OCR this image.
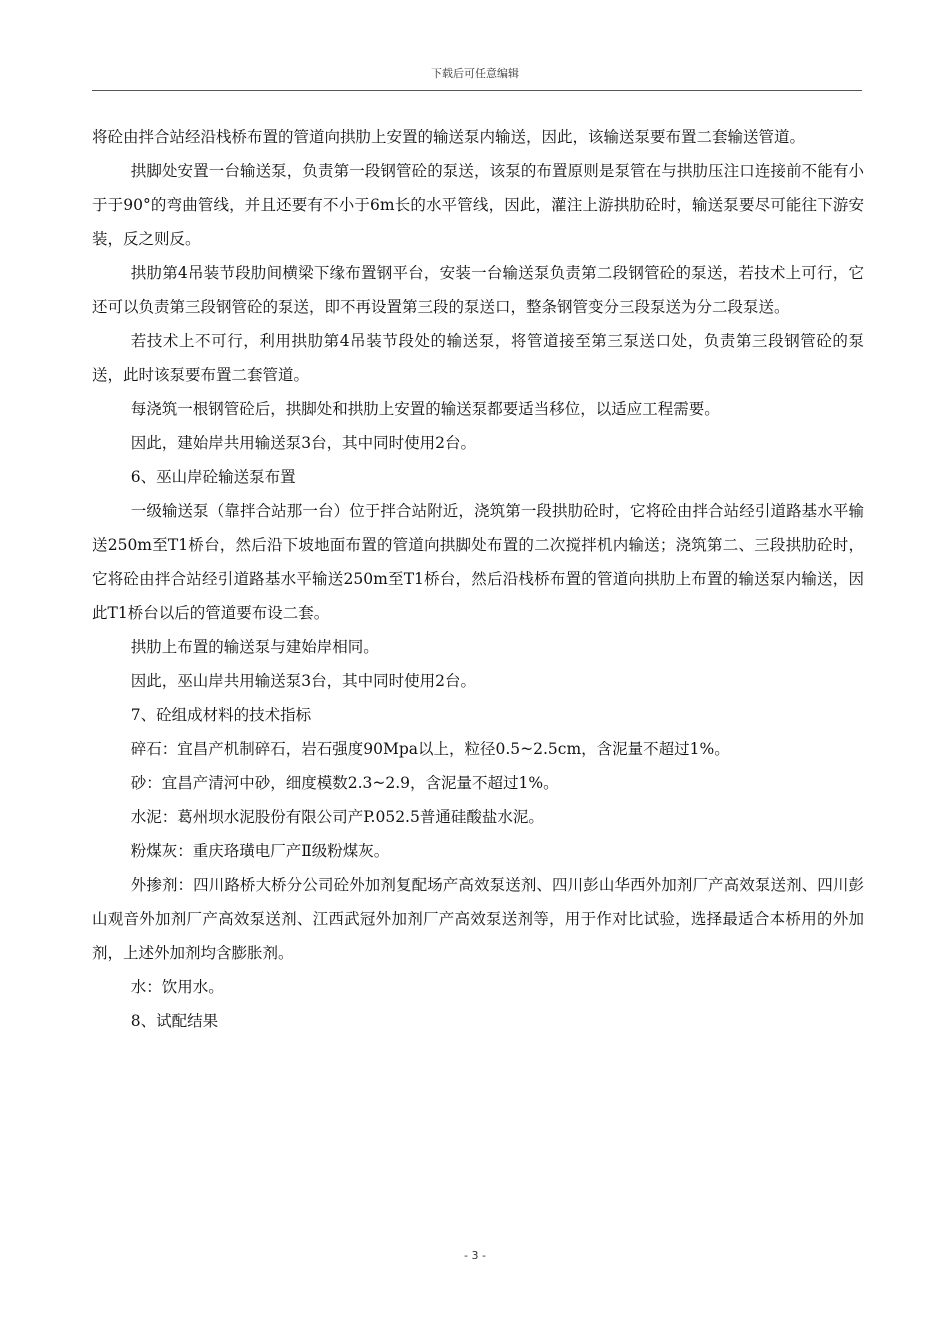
下载后可任意编辑

将砼由拌合站经沿栈桥布置的管道向拱肋上安置的输送泵内输送，因此，该输送泵要布置二套输送管道。

拱脚处安置一台输送泵，负责第一段钢管砼的泵送，该泵的布置原则是泵管在与拱肋压注口连接前不能有小于于90°的弯曲管线，并且还要有不小于6m长的水平管线，因此，灌注上游拱肋砼时，输送泵要尽可能往下游安装，反之则反。

拱肋第4吊装节段肋间横梁下缘布置钢平台，安装一台输送泵负责第二段钢管砼的泵送，若技术上可行，它还可以负责第三段钢管砼的泵送，即不再设置第三段的泵送口，整条钢管变分三段泵送为分二段泵送。

若技术上不可行，利用拱肋第4吊装节段处的输送泵，将管道接至第三泵送口处，负责第三段钢管砼的泵送，此时该泵要布置二套管道。

每浇筑一根钢管砼后，拱脚处和拱肋上安置的输送泵都要适当移位，以适应工程需要。

因此，建始岸共用输送泵3台，其中同时使用2台。

6、巫山岸砼输送泵布置

一级输送泵（靠拌合站那一台）位于拌合站附近，浇筑第一段拱肋砼时，它将砼由拌合站经引道路基水平输送250m至T1桥台，然后沿下坡地面布置的管道向拱脚处布置的二次搅拌机内输送；浇筑第二、三段拱肋砼时，它将砼由拌合站经引道路基水平输送250m至T1桥台，然后沿栈桥布置的管道向拱肋上布置的输送泵内输送，因此T1桥台以后的管道要布设二套。

拱肋上布置的输送泵与建始岸相同。

因此，巫山岸共用输送泵3台，其中同时使用2台。

7、砼组成材料的技术指标

碎石：宜昌产机制碎石，岩石强度90Mpa以上，粒径0.5~2.5cm，含泥量不超过1%。

砂：宜昌产清河中砂，细度模数2.3~2.9，含泥量不超过1%。

水泥：葛州坝水泥股份有限公司产P.052.5普通硅酸盐水泥。

粉煤灰：重庆珞璜电厂产Ⅱ级粉煤灰。

外掺剂：四川路桥大桥分公司砼外加剂复配场产高效泵送剂、四川彭山华西外加剂厂产高效泵送剂、四川彭山观音外加剂厂产高效泵送剂、江西武冠外加剂厂产高效泵送剂等，用于作对比试验，选择最适合本桥用的外加剂，上述外加剂均含膨胀剂。

水：饮用水。

8、试配结果

- 3 -
